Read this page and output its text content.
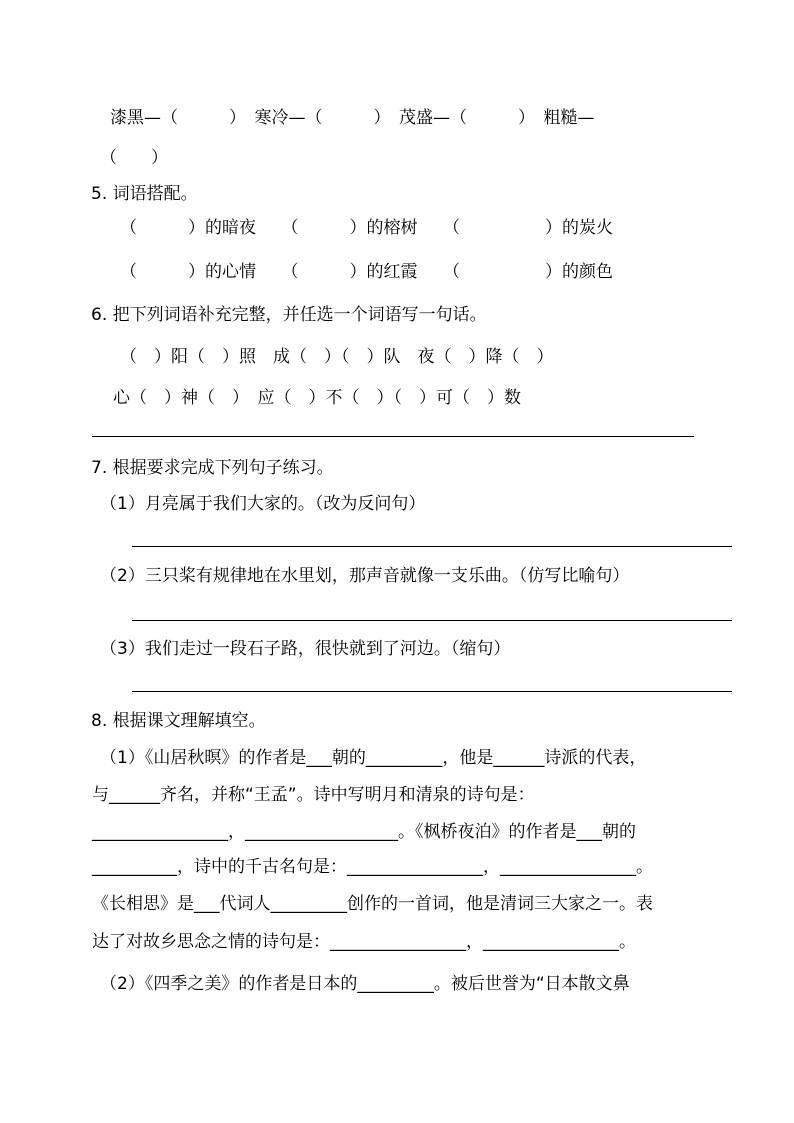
漆黑—（　　　）　寒冷—（　　　）　茂盛—（　　　）　粗糙—

（　　）

5. 词语搭配。

（　　　）的暗夜　　（　　　）的榕树　　（　　　　　）的炭火

（　　　）的心情　　（　　　）的红霞　　（　　　　　）的颜色

6. 把下列词语补充完整，并任选一个词语写一句话。

（　）阳（　）照　成（　）（　）队　夜（　）降（　）

心（　）神（　）　应（　）不（　）（　）可（　）数

7. 根据要求完成下列句子练习。

（1）月亮属于我们大家的。（改为反问句）

（2）三只桨有规律地在水里划，那声音就像一支乐曲。（仿写比喻句）

（3）我们走过一段石子路，很快就到了河边。（缩句）

8. 根据课文理解填空。

（1）《山居秋暝》的作者是___朝的_________，他是______诗派的代表，

与______齐名，并称“王孟”。诗中写明月和清泉的诗句是：

________________，__________________。《枫桥夜泊》的作者是___朝的

__________，诗中的千古名句是：________________，________________。

《长相思》是___代词人_________创作的一首词，他是清词三大家之一。表

达了对故乡思念之情的诗句是：________________，________________。

（2）《四季之美》的作者是日本的_________。被后世誉为“日本散文鼻
